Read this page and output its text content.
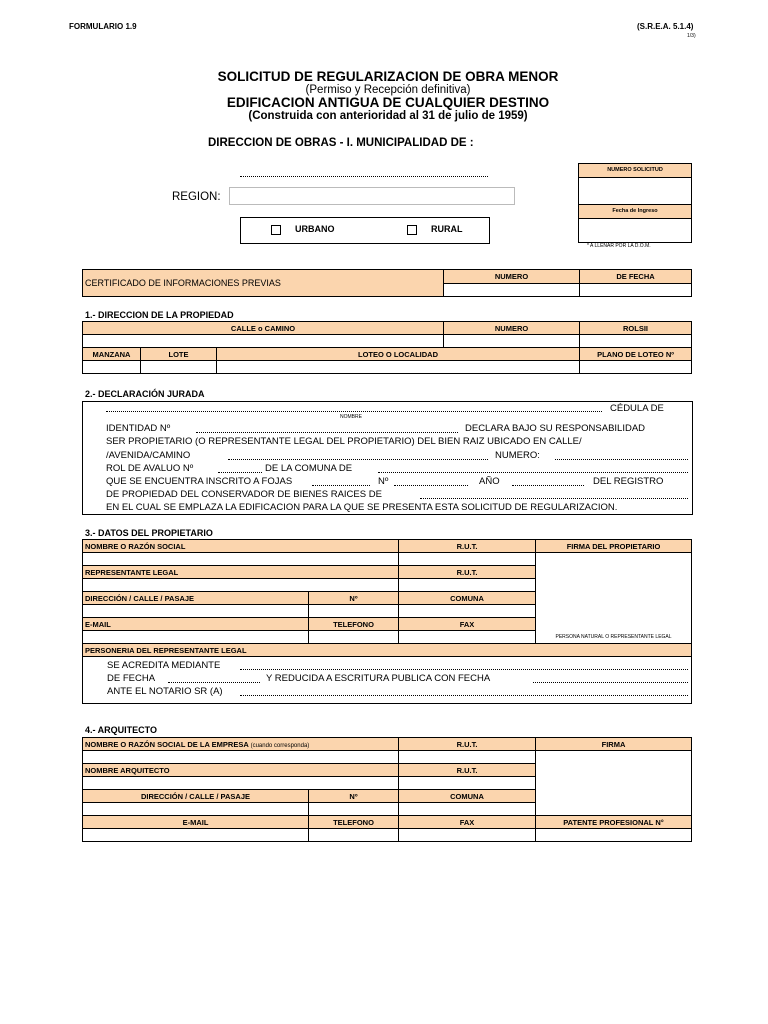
FORMULARIO 1.9	(S.R.E.A. 5.1.4)
1/3)
SOLICITUD DE REGULARIZACION DE OBRA MENOR
(Permiso y Recepción definitiva)
EDIFICACION ANTIGUA DE CUALQUIER DESTINO
(Construida con anterioridad al 31 de julio de 1959)
DIRECCION DE OBRAS - I. MUNICIPALIDAD DE :
REGION:
URBANO	RURAL
NUMERO SOLICITUD
Fecha de Ingreso
* A LLENAR POR LA D.O.M.
CERTIFICADO DE INFORMACIONES PREVIAS	NUMERO	DE FECHA

1.- DIRECCION DE LA PROPIEDAD
CALLE o CAMINO			NUMERO	ROLSII

MANZANA	LOTE	LOTEO O LOCALIDAD		PLANO DE LOTEO Nº

2.- DECLARACIÓN JURADA
CÉDULA DE
NOMBRE
IDENTIDAD Nº	DECLARA BAJO SU RESPONSABILIDAD
SER PROPIETARIO (O REPRESENTANTE LEGAL DEL PROPIETARIO) DEL BIEN RAIZ UBICADO EN CALLE/
/AVENIDA/CAMINO	NUMERO:
ROL DE AVALUO Nº	DE LA COMUNA DE
QUE SE ENCUENTRA INSCRITO A FOJAS	Nº	AÑO	DEL REGISTRO
DE PROPIEDAD DEL CONSERVADOR DE BIENES RAICES DE
EN EL CUAL SE EMPLAZA LA EDIFICACION PARA LA QUE SE PRESENTA ESTA SOLICITUD DE REGULARIZACION.
3.- DATOS DEL PROPIETARIO
NOMBRE O RAZÓN SOCIAL		R.U.T.	FIRMA DEL PROPIETARIO
			PERSONA NATURAL O REPRESENTANTE LEGAL
REPRESENTANTE LEGAL		R.U.T.	

DIRECCIÓN / CALLE / PASAJE	Nº	COMUNA	

E-MAIL	TELEFONO	FAX	

PERSONERIA DEL REPRESENTANTE LEGAL			

SE ACREDITA MEDIANTE
DE FECHA	Y REDUCIDA A ESCRITURA PUBLICA CON FECHA
ANTE EL NOTARIO SR (A)
4.- ARQUITECTO
NOMBRE O RAZÓN SOCIAL DE LA EMPRESA (cuando corresponda)		R.U.T.	FIRMA	

NOMBRE ARQUITECTO		R.U.T.		

DIRECCIÓN / CALLE / PASAJE	Nº	COMUNA		

E-MAIL	TELEFONO	FAX	PATENTE PROFESIONAL N°	
